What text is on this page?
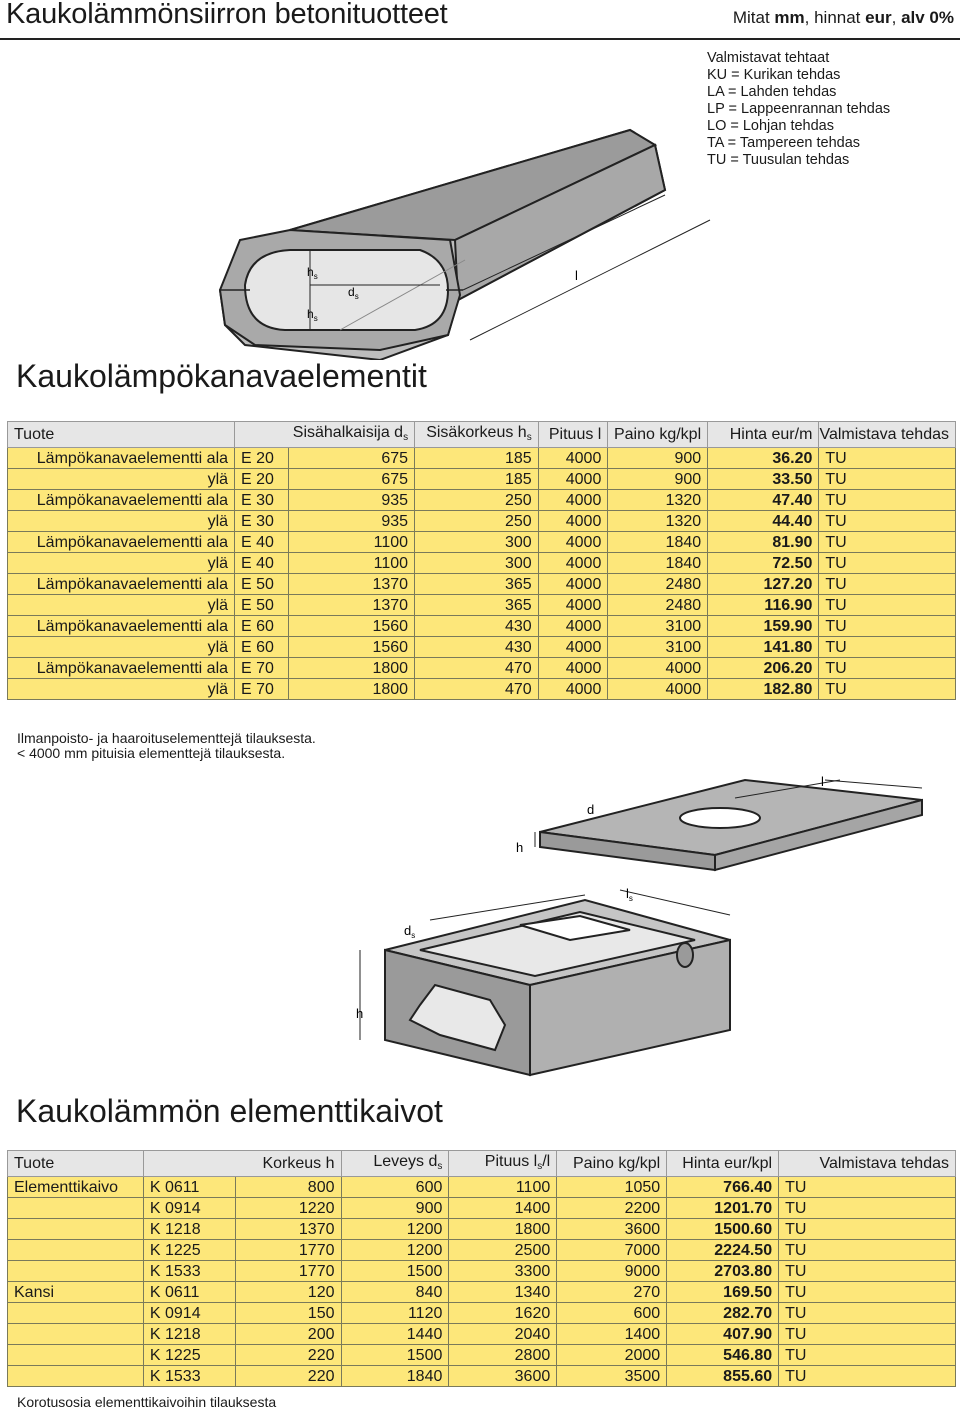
Kaukolämmönsiirron betonituotteet	Mitat mm, hinnat eur, alv 0%
Valmistavat tehtaat
KU = Kurikan tehdas
LA = Lahden tehdas
LP = Lappeenrannan tehdas
LO = Lohjan tehdas
TA = Tampereen tehdas
TU = Tuusulan tehdas
$h_s$
$d_s$
$h_s$
l
Kaukolämpökanavaelementit
Tuote	Sisähalkaisija $d_s$		Sisäkorkeus $h_s$	Pituus l	Paino kg/kpl	Hinta eur/m	Valmistava tehdas
Lämpökanavaelementti ala	E 20	675	185	4000	900	36.20	TU
ylä	E 20	675	185	4000	900	33.50	TU
Lämpökanavaelementti ala	E 30	935	250	4000	1320	47.40	TU
ylä	E 30	935	250	4000	1320	44.40	TU
Lämpökanavaelementti ala	E 40	1100	300	4000	1840	81.90	TU
ylä	E 40	1100	300	4000	1840	72.50	TU
Lämpökanavaelementti ala	E 50	1370	365	4000	2480	127.20	TU
ylä	E 50	1370	365	4000	2480	116.90	TU
Lämpökanavaelementti ala	E 60	1560	430	4000	3100	159.90	TU
ylä	E 60	1560	430	4000	3100	141.80	TU
Lämpökanavaelementti ala	E 70	1800	470	4000	4000	206.20	TU
ylä	E 70	1800	470	4000	4000	182.80	TU
Ilmanpoisto- ja haaroituselementtejä tilauksesta.
< 4000 mm pituisia elementtejä tilauksesta.
l
d
h
$l_s$
$d_s$
h
Kaukolämmön elementtikaivot
Tuote	Korkeus h		Leveys $d_s$	Pituus $l_s/l$	Paino kg/kpl	Hinta eur/kpl	Valmistava tehdas
Elementtikaivo	K 0611	800	600	1100	1050	766.40	TU
	K 0914	1220	900	1400	2200	1201.70	TU
	K 1218	1370	1200	1800	3600	1500.60	TU
	K 1225	1770	1200	2500	7000	2224.50	TU
	K 1533	1770	1500	3300	9000	2703.80	TU
Kansi	K 0611	120	840	1340	270	169.50	TU
	K 0914	150	1120	1620	600	282.70	TU
	K 1218	200	1440	2040	1400	407.90	TU
	K 1225	220	1500	2800	2000	546.80	TU
	K 1533	220	1840	3600	3500	855.60	TU
Korotusosia elementtikaivoihin tilauksesta
